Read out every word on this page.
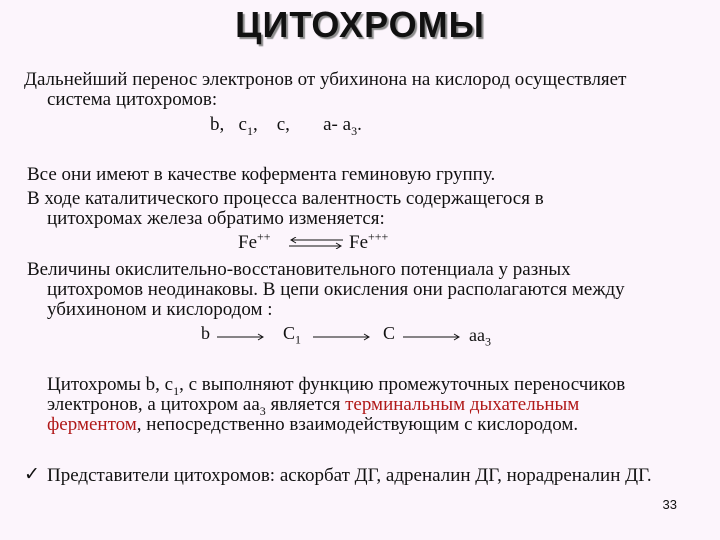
ЦИТОХРОМЫ
Дальнейший перенос электронов от убихинона на кислород осуществляет
система цитохромов:
b, $c_1$, c, a- $a_3$.
Все они имеют в качестве кофермента геминовую группу.
В ходе каталитического процесса валентность содержащегося в
цитохромах железа обратимо изменяется:
Fe++	Fe+++
Величины окислительно-восстановительного потенциала у разных
цитохромов неодинаковы. В цепи окисления они располагаются между
убихиноном и кислородом :
b	$C_1$	C	$aa_3$
Цитохромы b, $c_1$, c выполняют функцию промежуточных переносчиков
электронов, а цитохром $aa_3$ является терминальным дыхательным
ферментом, непосредственно взаимодействующим с кислородом.
✓ Представители цитохромов: аскорбат ДГ, адреналин ДГ, норадреналин ДГ.
33
